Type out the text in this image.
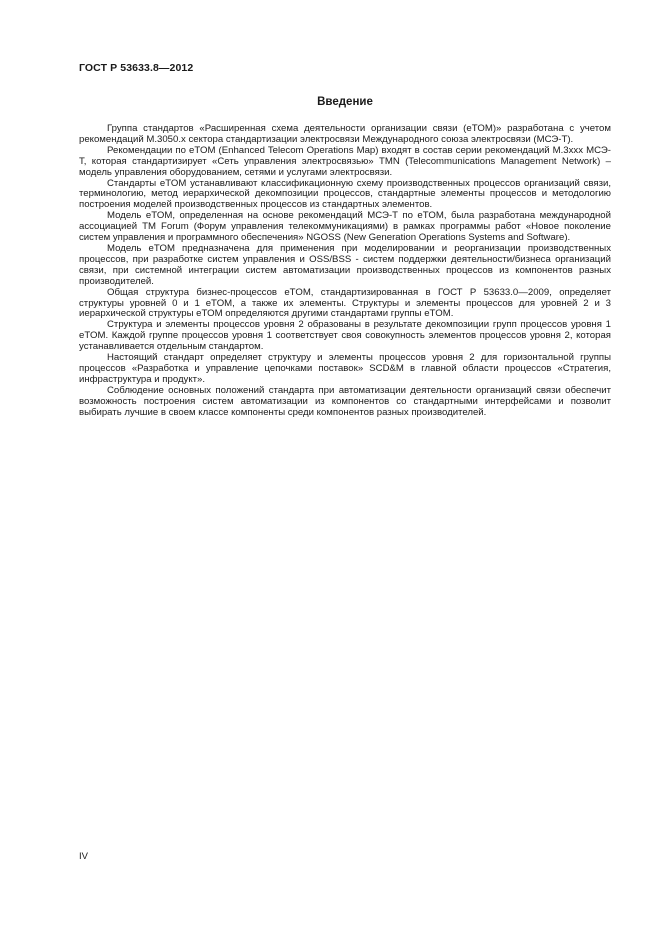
ГОСТ Р 53633.8—2012
Введение

Группа стандартов «Расширенная схема деятельности организации связи (eTOM)» разработана с учетом рекомендаций М.3050.х сектора стандартизации электросвязи Международного союза электросвязи (МСЭ-Т).

Рекомендации по eTOM (Enhanced Telecom Operations Map) входят в состав серии рекомендаций M.3xxx МСЭ-Т, которая стандартизирует «Сеть управления электросвязью» TMN (Telecommunications Management Network) – модель управления оборудованием, сетями и услугами электросвязи.

Стандарты eTOM устанавливают классификационную схему производственных процессов организаций связи, терминологию, метод иерархической декомпозиции процессов, стандартные элементы процессов и методологию построения моделей производственных процессов из стандартных элементов.

Модель eTOM, определенная на основе рекомендаций МСЭ-Т по eTOM, была разработана международной ассоциацией TM Forum (Форум управления телекоммуникациями) в рамках программы работ «Новое поколение систем управления и программного обеспечения» NGOSS (New Generation Operations Systems and Software).

Модель eTOM предназначена для применения при моделировании и реорганизации производственных процессов, при разработке систем управления и OSS/BSS - систем поддержки деятельности/бизнеса организаций связи, при системной интеграции систем автоматизации производственных процессов из компонентов разных производителей.

Общая структура бизнес-процессов eTOM, стандартизированная в ГОСТ Р 53633.0—2009, определяет структуры уровней 0 и 1 eTOM, а также их элементы. Структуры и элементы процессов для уровней 2 и 3 иерархической структуры eTOM определяются другими стандартами группы eTOM.

Структура и элементы процессов уровня 2 образованы в результате декомпозиции групп процессов уровня 1 eTOM. Каждой группе процессов уровня 1 соответствует своя совокупность элементов процессов уровня 2, которая устанавливается отдельным стандартом.

Настоящий стандарт определяет структуру и элементы процессов уровня 2 для горизонтальной группы процессов «Разработка и управление цепочками поставок» SCD&M в главной области процессов «Стратегия, инфраструктура и продукт».

Соблюдение основных положений стандарта при автоматизации деятельности организаций связи обеспечит возможность построения систем автоматизации из компонентов со стандартными интерфейсами и позволит выбирать лучшие в своем классе компоненты среди компонентов разных производителей.

IV
